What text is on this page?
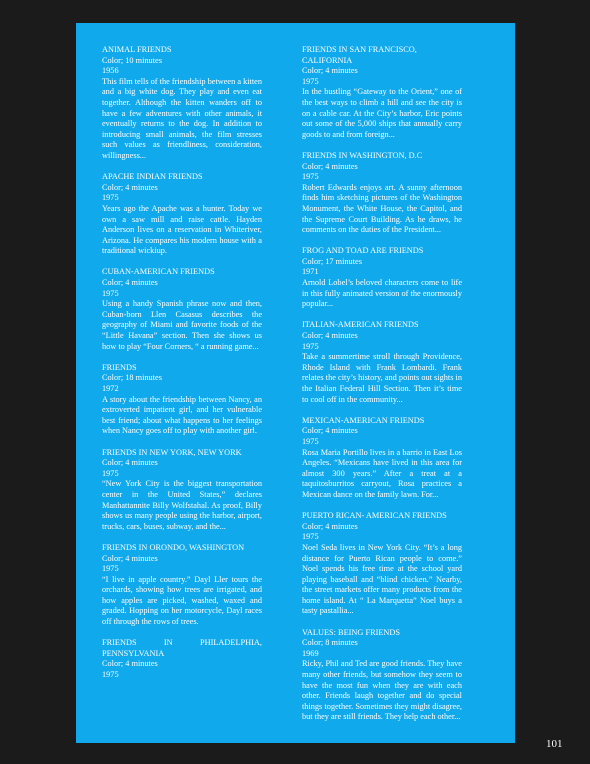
ANIMAL FRIENDS
Color; 10 minutes
1956
This film tells of the friendship between a kitten and a big white dog. They play and even eat together. Although the kitten wanders off to have a few adventures with other animals, it eventually returns to the dog. In addition to introducing small animals, the film stresses such values as friendliness, consideration, willingness...
APACHE INDIAN FRIENDS
Color; 4 minutes
1975
Years ago the Apache was a hunter. Today we own a saw mill and raise cattle. Hayden Anderson lives on a reservation in Whiteriver, Arizona. He compares his modern house with a traditional wickiup.
CUBAN-AMERICAN FRIENDS
Color; 4 minutes
1975
Using a handy Spanish phrase now and then, Cuban-born Llen Casasus describes the geography of Miami and favorite foods of the “Little Havana” section. Then she shows us how to play “Four Corners, “ a running game...
FRIENDS
Color; 18 minutes
1972
A story about the friendship between Nancy, an extroverted impatient girl, and her vulnerable best friend; about what happens to her feelings when Nancy goes off to play with another girl.
FRIENDS IN NEW YORK, NEW YORK
Color; 4 minutes
1975
“New York City is the biggest transportation center in the United States,” declares Manhattannite Billy Wolfstahal. As proof, Billy shows us many people using the harbor, airport, trucks, cars, buses, subway, and the...
FRIENDS IN ORONDO, WASHINGTON
Color; 4 minutes
1975
“I live in apple country.” Dayl Ller tours the orchards, showing how trees are irrigated, and how apples are picked, washed, waxed and graded. Hopping on her motorcycle, Dayl races off through the rows of trees.
FRIENDS IN PHILADELPHIA, PENNSYLVANIA
Color; 4 minutes
1975
FRIENDS IN SAN FRANCISCO, CALIFORNIA
Color; 4 minutes
1975
In the bustling “Gateway to the Orient,” one of the best ways to climb a hill and see the city is on a cable car. At the City’s harbor, Eric points out some of the 5,000 ships that annually carry goods to and from foreign...
FRIENDS IN WASHINGTON, D.C
Color; 4 minutes
1975
Robert Edwards enjoys art. A sunny afternoon finds him sketching pictures of the Washington Monument, the White House, the Capitol, and the Supreme Court Building. As he draws, he comments on the duties of the President...
FROG AND TOAD ARE FRIENDS
Color; 17 minutes
1971
Arnold Lobel’s beloved characters come to life in this fully animated version of the enormously popular...
ITALIAN-AMERICAN FRIENDS
Color; 4 minutes
1975
Take a summertime stroll through Providence, Rhode Island with Frank Lombardi. Frank relates the city’s history, and points out sights in the Italian Federal Hill Section. Then it’s time to cool off in the community...
MEXICAN-AMERICAN FRIENDS
Color; 4 minutes
1975
Rosa Maria Portillo lives in a barrio in East Los Angeles. “Mexicans have lived in this area for almost 300 years.” After a treat at a taquitosburritos carryout, Rosa practices a Mexican dance on the family lawn. For...
PUERTO RICAN- AMERICAN FRIENDS
Color; 4 minutes
1975
Noel Seda lives in New York City. “It’s a long distance for Puerto Rican people to come.” Noel spends his free time at the school yard playing baseball and “blind chicken.” Nearby, the street markets offer many products from the home island. At “ La Marquetta” Noel buys a tasty pastallia...
VALUES: BEING FRIENDS
Color; 8 minutes
1969
Ricky, Phil and Ted are good friends. They have many other friends, but somehow they seem to have the most fun when they are with each other. Friends laugh together and do special things together. Sometimes they might disagree, but they are still friends. They help each other...
101
